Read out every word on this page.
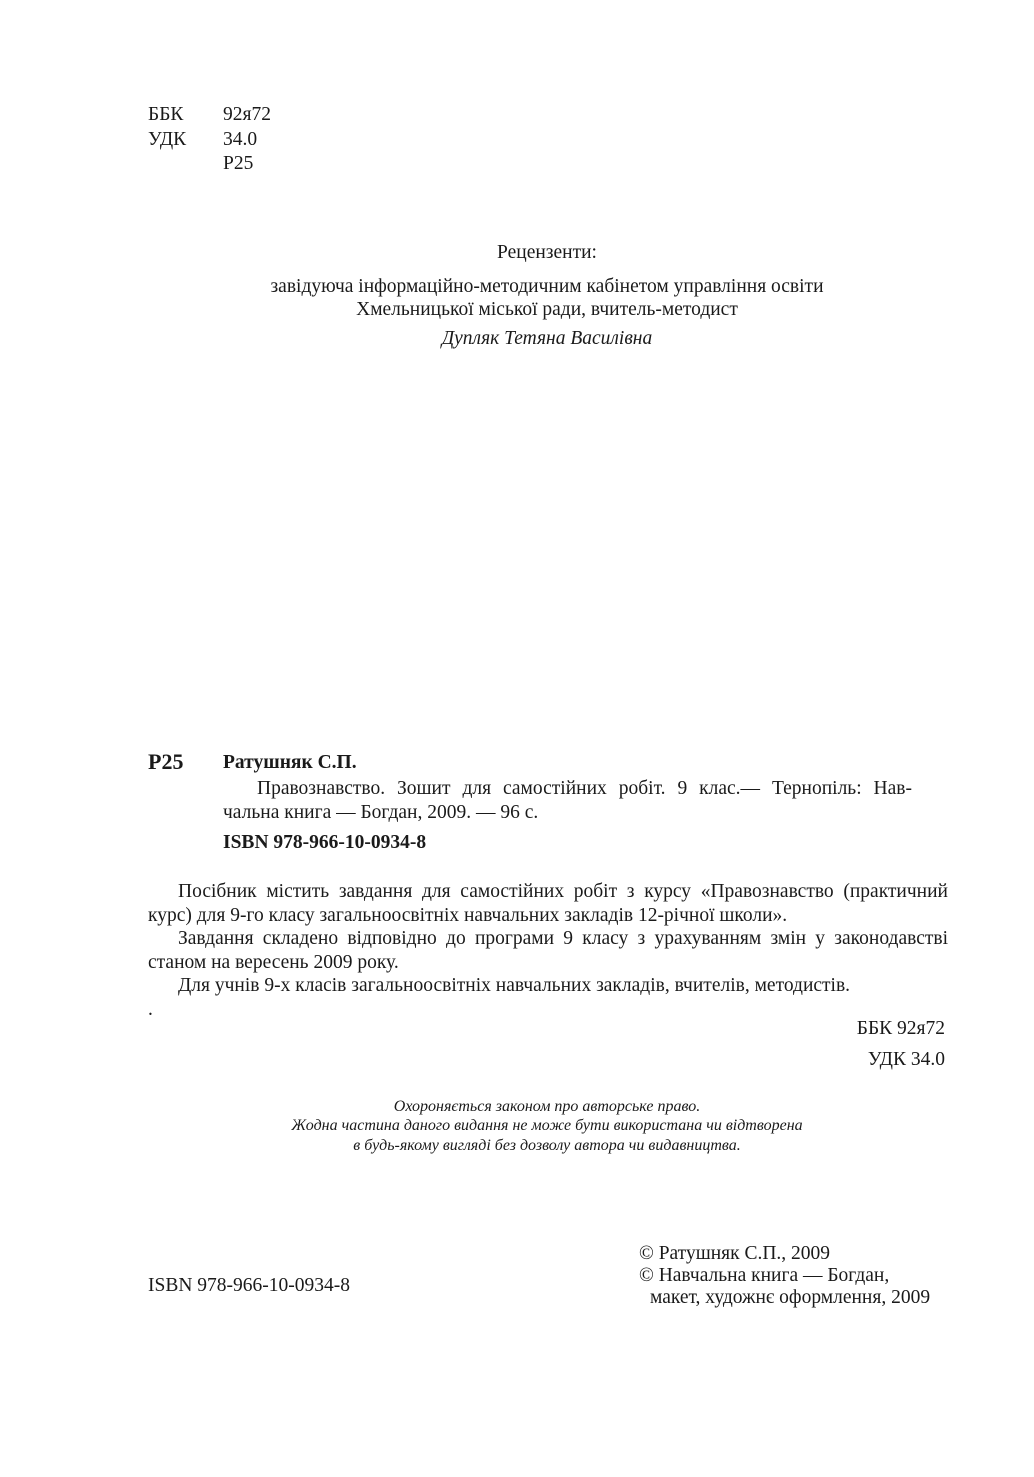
ББК 92я72
УДК 34.0
Р25
Рецензенти:
завідуюча інформаційно-методичним кабінетом управління освіти
Хмельницької міської ради, вчитель-методист
Дупляк Тетяна Василівна
Р25 Ратушняк С.П.
Правознавство. Зошит для самостійних робіт. 9 клас.— Тернопіль: Нав-
чальна книга — Богдан, 2009. — 96 с.
ISBN 978-966-10-0934-8
Посібник містить завдання для самостійних робіт з курсу «Правознавство (практичний
курс) для 9-го класу загальноосвітніх навчальних закладів 12-річної школи».
Завдання складено відповідно до програми 9 класу з урахуванням змін у законодавстві
станом на вересень 2009 року.
Для учнів 9-х класів загальноосвітніх навчальних закладів, вчителів, методистів.
.
ББК 92я72
УДК 34.0
Охороняється законом про авторське право.
Жодна частина даного видання не може бути використана чи відтворена
в будь-якому вигляді без дозволу автора чи видавництва.
ISBN 978-966-10-0934-8
© Ратушняк С.П., 2009
© Навчальна книга — Богдан,
макет, художнє оформлення, 2009
